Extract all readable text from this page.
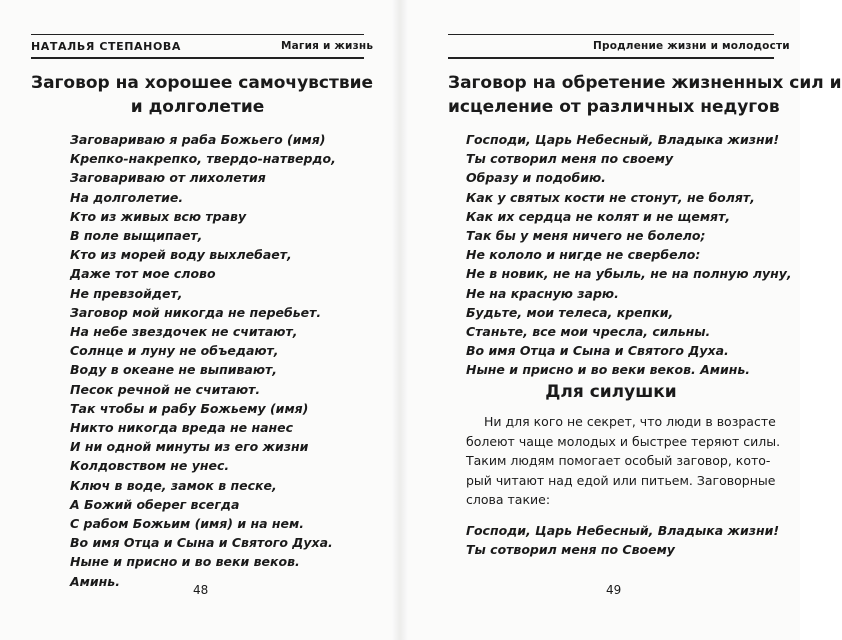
НАТАЛЬЯ СТЕПАНОВА	Магия и жизнь
Заговор на хорошее самочувствие
и долголетие
Заговариваю я раба Божьего (имя)
Крепко-накрепко, твердо-натвердо,
Заговариваю от лихолетия
На долголетие.
Кто из живых всю траву
В поле выщипает,
Кто из морей воду выхлебает,
Даже тот мое слово
Не превзойдет,
Заговор мой никогда не перебьет.
На небе звездочек не считают,
Солнце и луну не объедают,
Воду в океане не выпивают,
Песок речной не считают.
Так чтобы и рабу Божьему (имя)
Никто никогда вреда не нанес
И ни одной минуты из его жизни
Колдовством не унес.
Ключ в воде, замок в песке,
А Божий оберег всегда
С рабом Божьим (имя) и на нем.
Во имя Отца и Сына и Святого Духа.
Ныне и присно и во веки веков.
Аминь.
48
Продление жизни и молодости
Заговор на обретение жизненных сил и
исцеление от различных недугов
Господи, Царь Небесный, Владыка жизни!
Ты сотворил меня по своему
Образу и подобию.
Как у святых кости не стонут, не болят,
Как их сердца не колят и не щемят,
Так бы у меня ничего не болело;
Не кололо и нигде не свербело:
Не в новик, не на убыль, не на полную луну,
Не на красную зарю.
Будьте, мои телеса, крепки,
Станьте, все мои чресла, сильны.
Во имя Отца и Сына и Святого Духа.
Ныне и присно и во веки веков. Аминь.
Для силушки
Ни для кого не секрет, что люди в возрасте
болеют чаще молодых и быстрее теряют силы.
Таким людям помогает особый заговор, кото-
рый читают над едой или питьем. Заговорные
слова такие:
Господи, Царь Небесный, Владыка жизни!
Ты сотворил меня по Своему
49
